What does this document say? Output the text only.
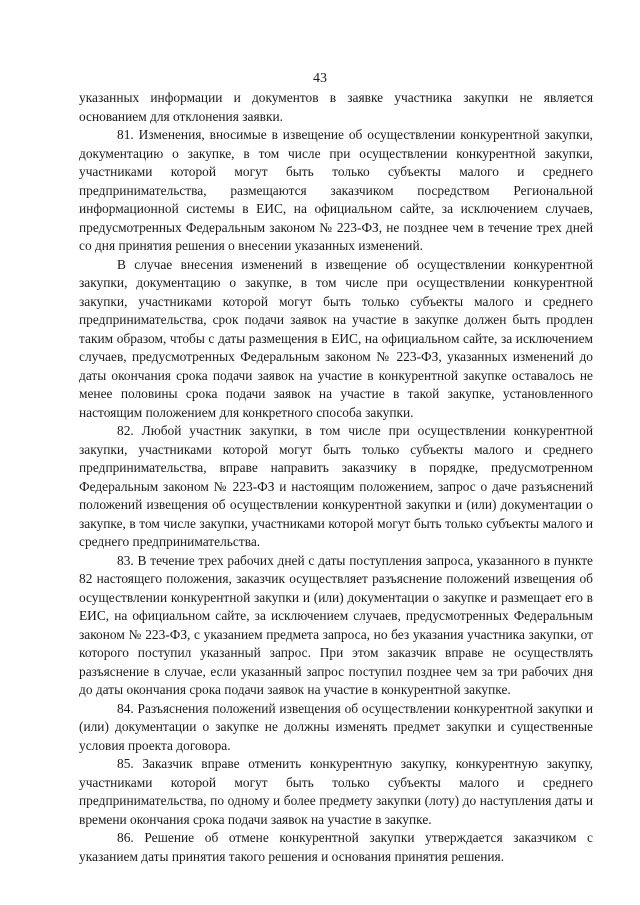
43

указанных информации и документов в заявке участника закупки не является основанием для отклонения заявки.

81. Изменения, вносимые в извещение об осуществлении конкурентной закупки, документацию о закупке, в том числе при осуществлении конкурентной закупки, участниками которой могут быть только субъекты малого и среднего предпринимательства, размещаются заказчиком посредством Региональной информационной системы в ЕИС, на официальном сайте, за исключением случаев, предусмотренных Федеральным законом № 223-ФЗ, не позднее чем в течение трех дней со дня принятия решения о внесении указанных изменений.

В случае внесения изменений в извещение об осуществлении конкурентной закупки, документацию о закупке, в том числе при осуществлении конкурентной закупки, участниками которой могут быть только субъекты малого и среднего предпринимательства, срок подачи заявок на участие в закупке должен быть продлен таким образом, чтобы с даты размещения в ЕИС, на официальном сайте, за исключением случаев, предусмотренных Федеральным законом № 223-ФЗ, указанных изменений до даты окончания срока подачи заявок на участие в конкурентной закупке оставалось не менее половины срока подачи заявок на участие в такой закупке, установленного настоящим положением для конкретного способа закупки.

82. Любой участник закупки, в том числе при осуществлении конкурентной закупки, участниками которой могут быть только субъекты малого и среднего предпринимательства, вправе направить заказчику в порядке, предусмотренном Федеральным законом № 223-ФЗ и настоящим положением, запрос о даче разъяснений положений извещения об осуществлении конкурентной закупки и (или) документации о закупке, в том числе закупки, участниками которой могут быть только субъекты малого и среднего предпринимательства.

83. В течение трех рабочих дней с даты поступления запроса, указанного в пункте 82 настоящего положения, заказчик осуществляет разъяснение положений извещения об осуществлении конкурентной закупки и (или) документации о закупке и размещает его в ЕИС, на официальном сайте, за исключением случаев, предусмотренных Федеральным законом № 223-ФЗ, с указанием предмета запроса, но без указания участника закупки, от которого поступил указанный запрос. При этом заказчик вправе не осуществлять разъяснение в случае, если указанный запрос поступил позднее чем за три рабочих дня до даты окончания срока подачи заявок на участие в конкурентной закупке.

84. Разъяснения положений извещения об осуществлении конкурентной закупки и (или) документации о закупке не должны изменять предмет закупки и существенные условия проекта договора.

85. Заказчик вправе отменить конкурентную закупку, конкурентную закупку, участниками которой могут быть только субъекты малого и среднего предпринимательства, по одному и более предмету закупки (лоту) до наступления даты и времени окончания срока подачи заявок на участие в закупке.

86. Решение об отмене конкурентной закупки утверждается заказчиком с указанием даты принятия такого решения и основания принятия решения.
